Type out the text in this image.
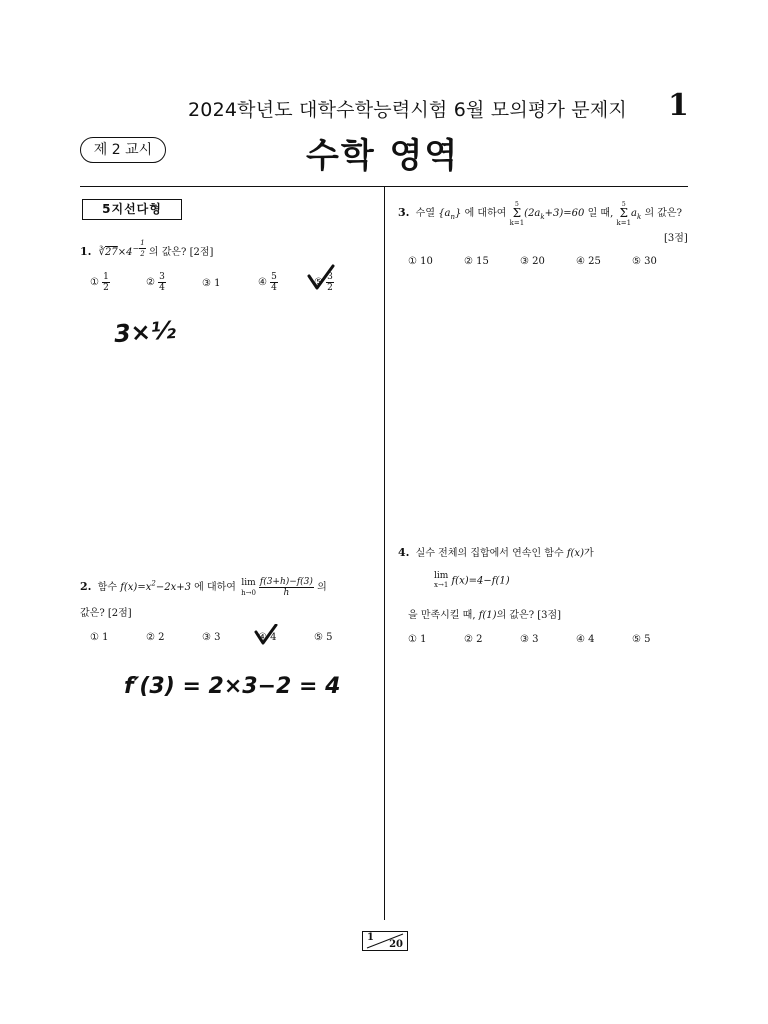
2024학년도 대학수학능력시험 6월 모의평가 문제지 1
제 2 교시	수학 영역
5지선다형
1. $∛27\times 4^{- \frac{1}{2}}$ 의 값은? [2점]
① $\frac{1}{2}$	② $\frac{3}{4}$	③ 1	④ $\frac{5}{4}$	⑤ $\frac{3}{2}$
3×½
2. 함수 $f(x)=x^2-2x+3$ 에 대하여 lim
$h\to 0 \frac{f(3+h)-f(3)}{h}$ 의
값은? [2점]
① 1	② 2	③ 3	④ 4	⑤ 5
f′(3) = 2×3−2 = 4
3. 수열 $\{a_n\}$ 에 대하여 5
Σ
$k=1(2a_k+3)=60$ 일 때, 5
Σ
$k=1a_k$ 의 값은?
[3점]
① 10	② 15	③ 20	④ 25	⑤ 30
4. 실수 전체의 집합에서 연속인 함수 f(x)가
lim
x→1 f(x)=4−f(1)
을 만족시킬 때, f(1)의 값은? [3점]
① 1	② 2	③ 3	④ 4	⑤ 5
1
20
